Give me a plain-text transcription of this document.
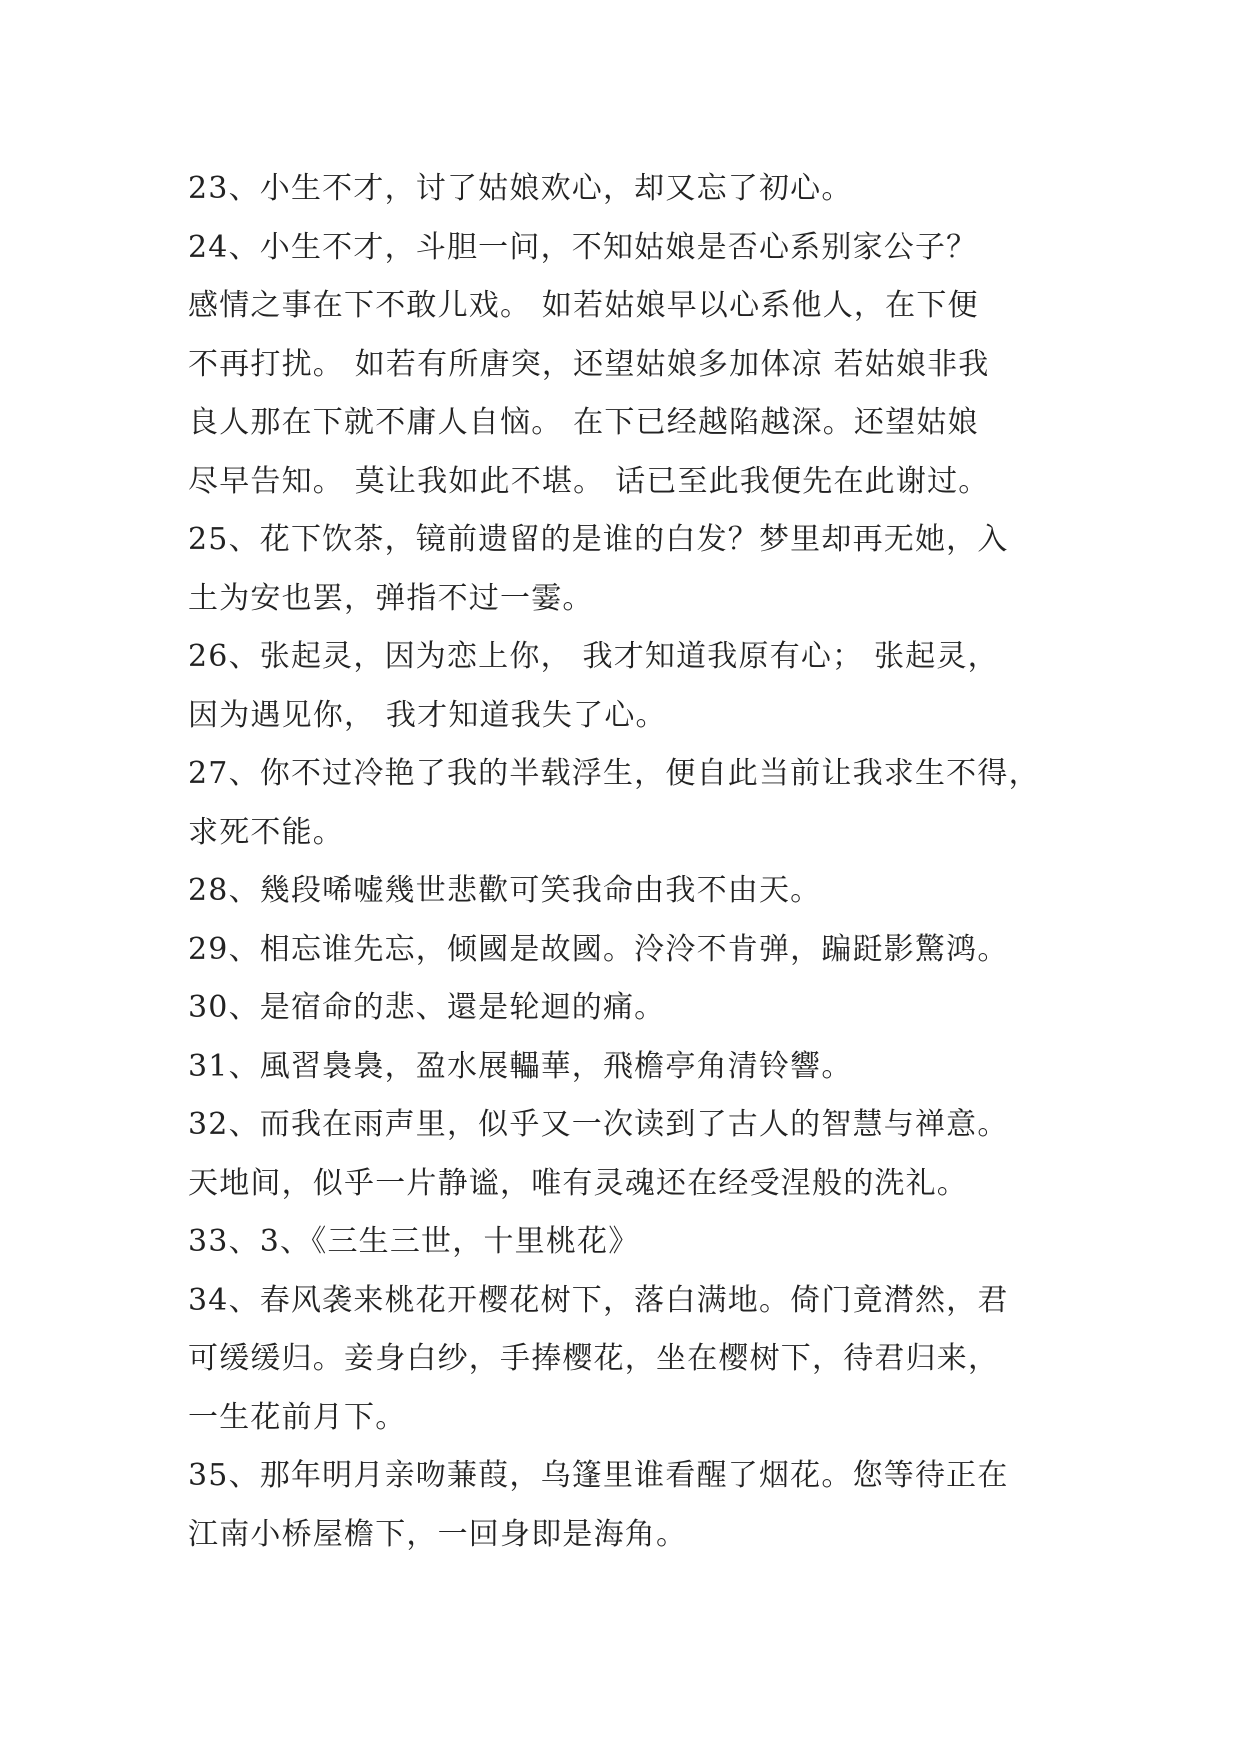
23、小生不才，讨了姑娘欢心，却又忘了初心。
24、小生不才，斗胆一问，不知姑娘是否心系别家公子？
感情之事在下不敢儿戏。 如若姑娘早以心系他人，在下便
不再打扰。 如若有所唐突，还望姑娘多加体凉 若姑娘非我
良人那在下就不庸人自恼。 在下已经越陷越深。还望姑娘
尽早告知。 莫让我如此不堪。 话已至此我便先在此谢过。
25、花下饮茶，镜前遗留的是谁的白发？梦里却再无她，入
土为安也罢，弹指不过一霎。
26、张起灵，因为恋上你， 我才知道我原有心； 张起灵，
因为遇见你， 我才知道我失了心。
27、你不过冷艳了我的半载浮生，便自此当前让我求生不得，
求死不能。
28、幾段唏嘘幾世悲歡可笑我命由我不由天。
29、相忘谁先忘，倾國是故國。泠泠不肯弹，蹁跹影驚鸿。
30、是宿命的悲、還是轮迴的痛。
31、風習裊裊，盈水展轠華，飛檐亭角清铃響。
32、而我在雨声里，似乎又一次读到了古人的智慧与禅意。
天地间，似乎一片静谧，唯有灵魂还在经受涅般的洗礼。
33、3、《三生三世，十里桃花》
34、春风袭来桃花开樱花树下，落白满地。倚门竟潸然，君
可缓缓归。妾身白纱，手捧樱花，坐在樱树下，待君归来，
一生花前月下。
35、那年明月亲吻蒹葭，乌篷里谁看醒了烟花。您等待正在
江南小桥屋檐下，一回身即是海角。
